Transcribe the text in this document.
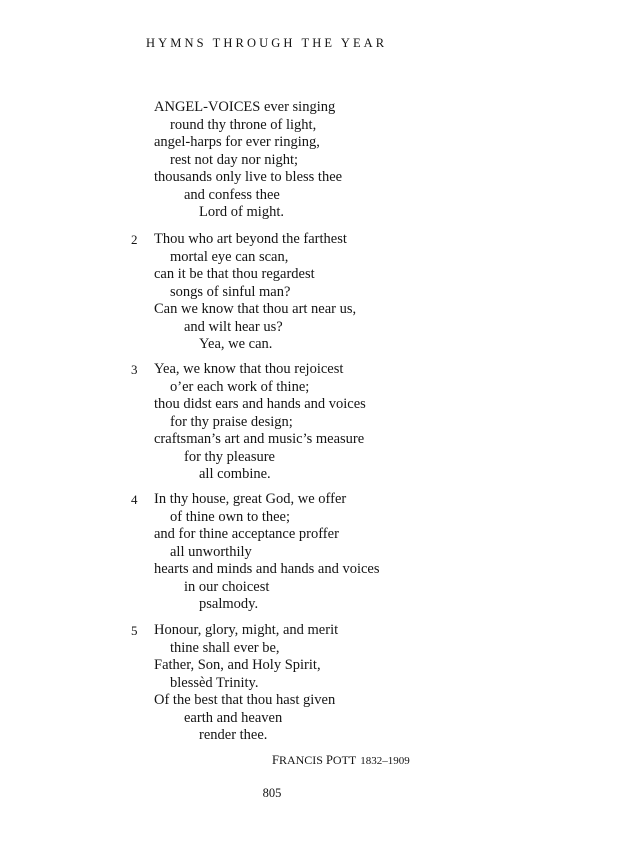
HYMNS THROUGH THE YEAR
ANGEL-VOICES ever singing
round thy throne of light,
angel-harps for ever ringing,
rest not day nor night;
thousands only live to bless thee
and confess thee
Lord of might.
2 Thou who art beyond the farthest
mortal eye can scan,
can it be that thou regardest
songs of sinful man?
Can we know that thou art near us,
and wilt hear us?
Yea, we can.
3 Yea, we know that thou rejoicest
o’er each work of thine;
thou didst ears and hands and voices
for thy praise design;
craftsman’s art and music’s measure
for thy pleasure
all combine.
4 In thy house, great God, we offer
of thine own to thee;
and for thine acceptance proffer
all unworthily
hearts and minds and hands and voices
in our choicest
psalmody.
5 Honour, glory, might, and merit
thine shall ever be,
Father, Son, and Holy Spirit,
blessèd Trinity.
Of the best that thou hast given
earth and heaven
render thee.
FRANCIS POTT 1832–1909
805
